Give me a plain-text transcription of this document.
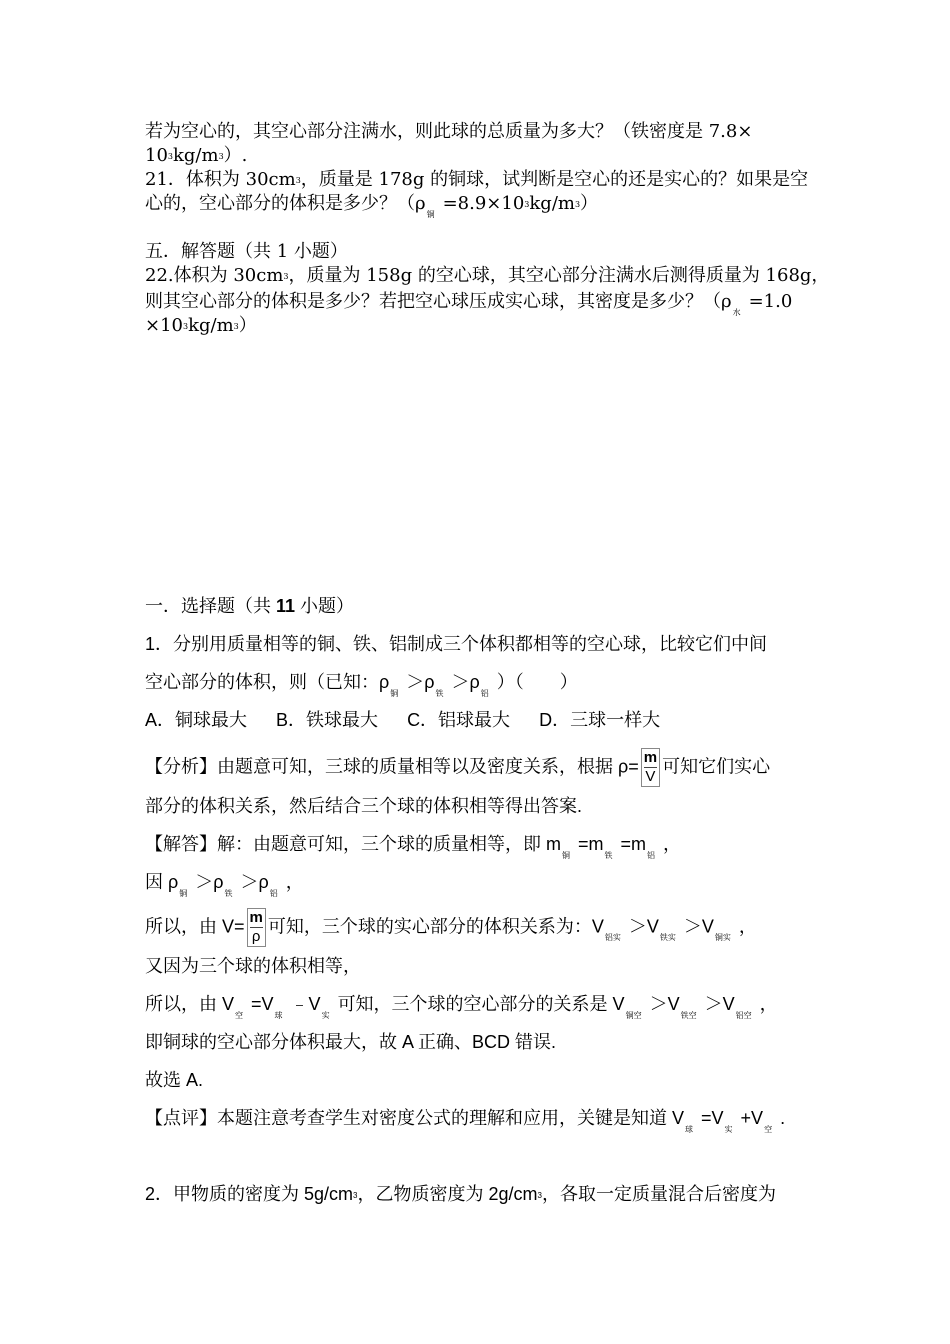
若为空心的，其空心部分注满水，则此球的总质量为多大？（铁密度是 7.8×
103kg/m3）.
21．体积为 30cm3，质量是 178g 的铜球，试判断是空心的还是实心的？如果是空
心的，空心部分的体积是多少？$(\rho_铜=8.9\times 103kg/m3)$
五．解答题（共 1 小题）
22.体积为 30cm3，质量为 158g 的空心球，其空心部分注满水后测得质量为 168g，
则其空心部分的体积是多少？若把空心球压成实心球，其密度是多少？（$\rho_水=1.0$
×103kg/m3）
一．选择题（共 11 小题）
1．分别用质量相等的铜、铁、铝制成三个体积都相等的空心球，比较它们中间
空心部分的体积，则（已知：$\rho_铜>\rho_铁>\rho_铝$）（　　）
A．铜球最大 B．铁球最大 C．铝球最大 D．三球一样大
【分析】由题意可知，三球的质量相等以及密度关系，根据 $\rho= \frac{m}{V}$ 可知它们实心
部分的体积关系，然后结合三个球的体积相等得出答案.
【解答】解：由题意可知，三个球的质量相等，即 $m_铜=m_铁=m_铝$，
因 $\rho_铜>\rho_铁>\rho_铝$，
所以，由 $V= \frac{m}{\rho}$ 可知，三个球的实心部分的体积关系为：$V_{铝实}>V_{铁实}>V_{铜实}$，
又因为三个球的体积相等，
所以，由 $V_空=V_球﹣V_实$可知，三个球的空心部分的关系是 $V_{铜空}>V_{铁空}>V_{铝空}$，
即铜球的空心部分体积最大，故 A 正确、BCD 错误.
故选 A.
【点评】本题注意考查学生对密度公式的理解和应用，关键是知道 $V_球=V_实+V_空$.
2．甲物质的密度为 5g/cm3，乙物质密度为 2g/cm3，各取一定质量混合后密度为
